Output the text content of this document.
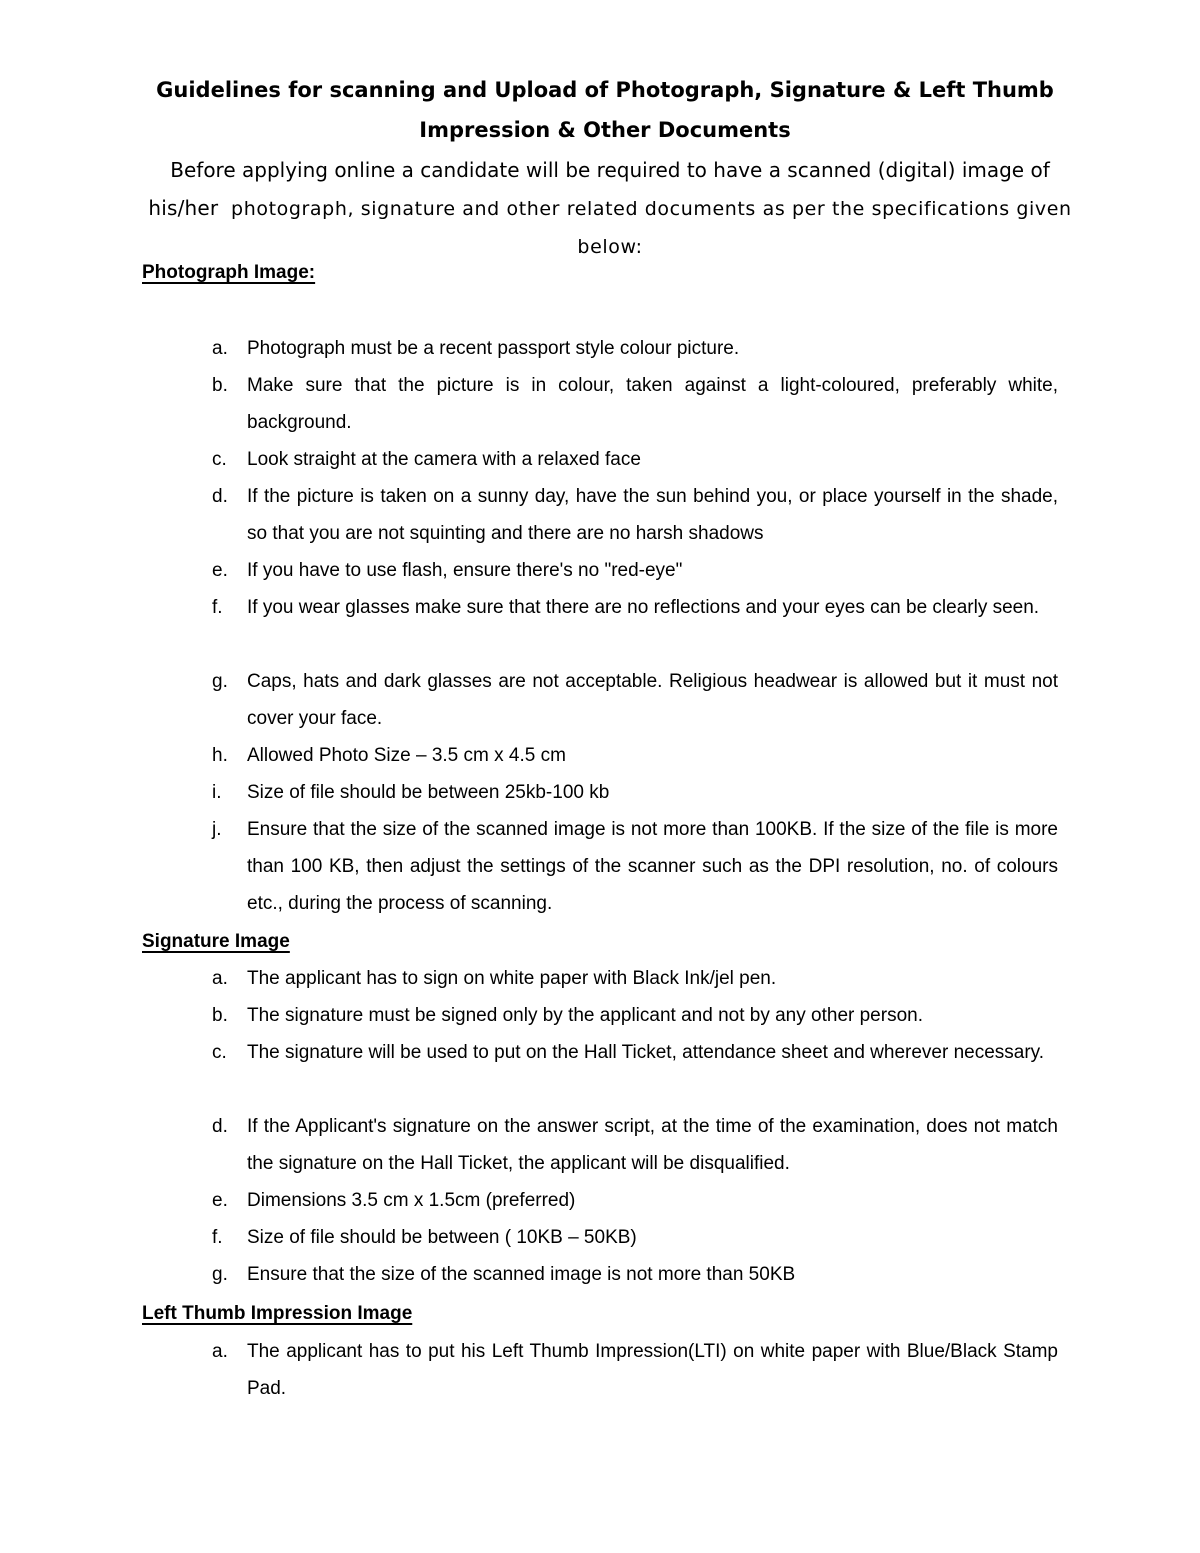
Guidelines for scanning and Upload of Photograph, Signature & Left Thumb
Impression & Other Documents

Before applying online a candidate will be required to have a scanned (digital) image of

his/her photograph, signature and other related documents as per the specifications given

below:

Photograph Image:
a.	Photograph must be a recent passport style colour picture.
b.	Make sure that the picture is in colour, taken against a light-coloured, preferably white, background.
c.	Look straight at the camera with a relaxed face
d.	If the picture is taken on a sunny day, have the sun behind you, or place yourself in the shade, so that you are not squinting and there are no harsh shadows
e.	If you have to use flash, ensure there's no "red-eye"
f.	If you wear glasses make sure that there are no reflections and your eyes can be clearly seen.
g.	Caps, hats and dark glasses are not acceptable. Religious headwear is allowed but it must not cover your face.
h.	Allowed Photo Size – 3.5 cm x 4.5 cm
i.	Size of file should be between 25kb-100 kb
j.	Ensure that the size of the scanned image is not more than 100KB. If the size of the file is more than 100 KB, then adjust the settings of the scanner such as the DPI resolution, no. of colours etc., during the process of scanning.
Signature Image
a.	The applicant has to sign on white paper with Black Ink/jel pen.
b.	The signature must be signed only by the applicant and not by any other person.
c.	The signature will be used to put on the Hall Ticket, attendance sheet and wherever necessary.
d.	If the Applicant's signature on the answer script, at the time of the examination, does not match the signature on the Hall Ticket, the applicant will be disqualified.
e.	Dimensions 3.5 cm x 1.5cm (preferred)
f.	Size of file should be between ( 10KB – 50KB)
g.	Ensure that the size of the scanned image is not more than 50KB
Left Thumb Impression Image
a.	The applicant has to put his Left Thumb Impression(LTI) on white paper with Blue/Black Stamp Pad.
